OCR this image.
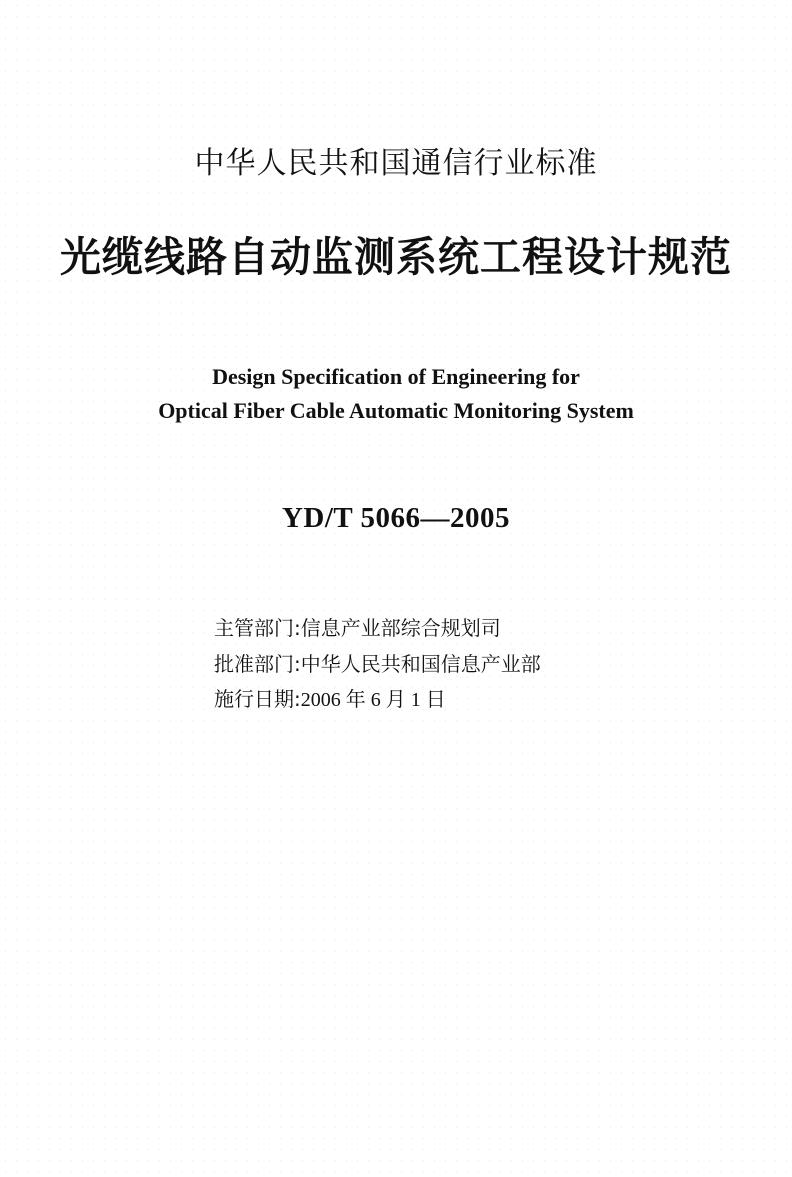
中华人民共和国通信行业标准
光缆线路自动监测系统工程设计规范
Design Specification of Engineering for
Optical Fiber Cable Automatic Monitoring System
YD/T 5066—2005
主管部门:信息产业部综合规划司
批准部门:中华人民共和国信息产业部
施行日期:2006 年 6 月 1 日
